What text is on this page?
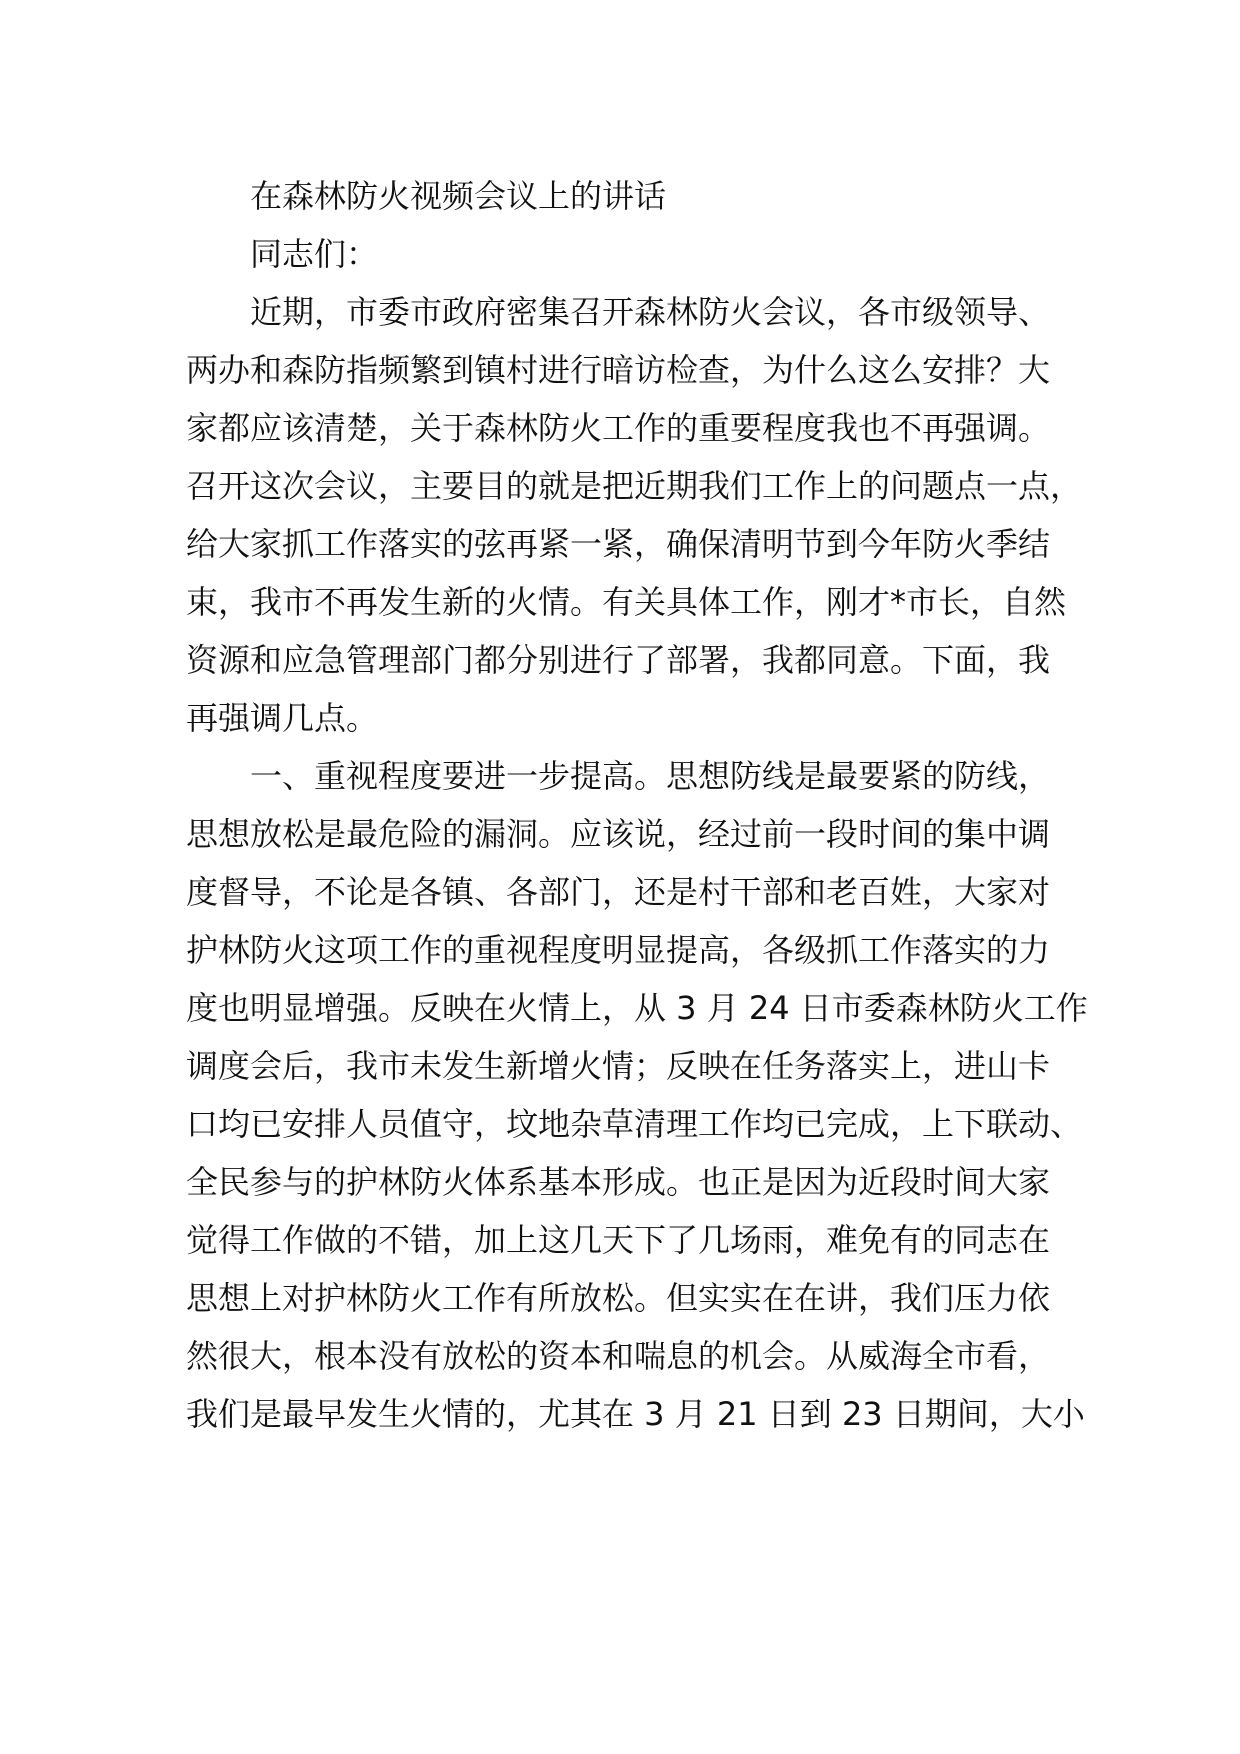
在森林防火视频会议上的讲话
同志们：
近期，市委市政府密集召开森林防火会议，各市级领导、
两办和森防指频繁到镇村进行暗访检查，为什么这么安排？大
家都应该清楚，关于森林防火工作的重要程度我也不再强调。
召开这次会议，主要目的就是把近期我们工作上的问题点一点，
给大家抓工作落实的弦再紧一紧，确保清明节到今年防火季结
束，我市不再发生新的火情。有关具体工作，刚才*市长，自然
资源和应急管理部门都分别进行了部署，我都同意。下面，我
再强调几点。
一、重视程度要进一步提高。思想防线是最要紧的防线，
思想放松是最危险的漏洞。应该说，经过前一段时间的集中调
度督导，不论是各镇、各部门，还是村干部和老百姓，大家对
护林防火这项工作的重视程度明显提高，各级抓工作落实的力
度也明显增强。反映在火情上，从 3 月 24 日市委森林防火工作
调度会后，我市未发生新增火情；反映在任务落实上，进山卡
口均已安排人员值守，坟地杂草清理工作均已完成，上下联动、
全民参与的护林防火体系基本形成。也正是因为近段时间大家
觉得工作做的不错，加上这几天下了几场雨，难免有的同志在
思想上对护林防火工作有所放松。但实实在在讲，我们压力依
然很大，根本没有放松的资本和喘息的机会。从威海全市看，
我们是最早发生火情的，尤其在 3 月 21 日到 23 日期间，大小
